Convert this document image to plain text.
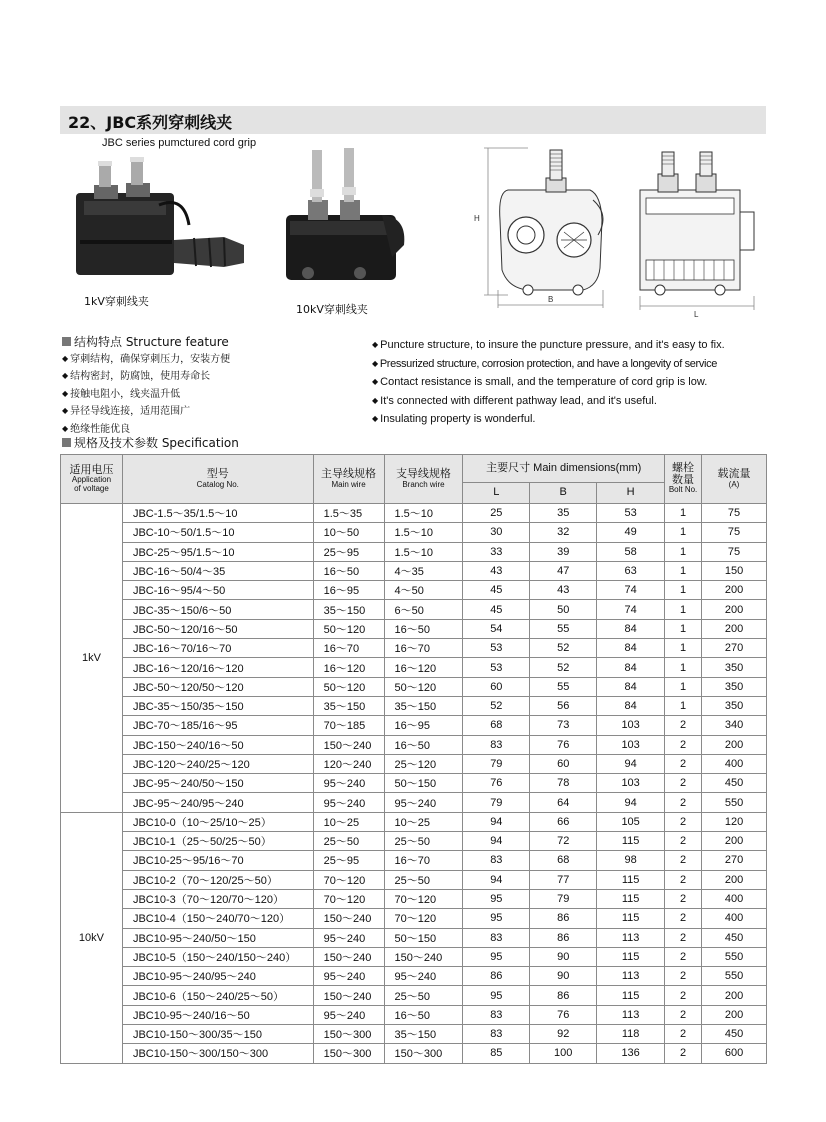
22、JBC系列穿刺线夹
JBC series pumctured cord grip
1kV穿刺线夹
10kV穿刺线夹
H
B
L
结构特点 Structure feature
◆ 穿刺结构，确保穿刺压力，安装方便
◆ 结构密封，防腐蚀，使用寿命长
◆ 接触电阻小，线夹温升低
◆ 异径导线连接，适用范围广
◆ 绝缘性能优良
◆ Puncture structure, to insure the puncture pressure, and it's easy to fix.
◆ Pressurized structure, corrosion protection, and have a longevity of service
◆ Contact resistance is small, and the temperature of cord grip is low.
◆ It's connected with different pathway lead, and it's useful.
◆ Insulating property is wonderful.
规格及技术参数 Specification
适用电压
Application
of voltage	型号
Catalog No.	主导线规格
Main wire	支导线规格
Branch wire	主要尺寸 Main dimensions(mm)			螺栓
数量
Bolt No.	载流量
(A)

				L	B	H		
1kV	JBC-1.5～35/1.5～10	1.5～35	1.5～10	25	35	53	1	75
	JBC-10～50/1.5～10	10～50	1.5～10	30	32	49	1	75
	JBC-25～95/1.5～10	25～95	1.5～10	33	39	58	1	75
	JBC-16～50/4～35	16～50	4～35	43	47	63	1	150
	JBC-16～95/4～50	16～95	4～50	45	43	74	1	200
	JBC-35～150/6～50	35～150	6～50	45	50	74	1	200
	JBC-50～120/16～50	50～120	16～50	54	55	84	1	200
	JBC-16～70/16～70	16～70	16～70	53	52	84	1	270
	JBC-16～120/16～120	16～120	16～120	53	52	84	1	350
	JBC-50～120/50～120	50～120	50～120	60	55	84	1	350
	JBC-35～150/35～150	35～150	35～150	52	56	84	1	350
	JBC-70～185/16～95	70～185	16～95	68	73	103	2	340
	JBC-150～240/16～50	150～240	16～50	83	76	103	2	200
	JBC-120～240/25～120	120～240	25～120	79	60	94	2	400
	JBC-95～240/50～150	95～240	50～150	76	78	103	2	450
	JBC-95～240/95～240	95～240	95～240	79	64	94	2	550
10kV	JBC10-0（10～25/10～25）	10～25	10～25	94	66	105	2	120
	JBC10-1（25～50/25～50）	25～50	25～50	94	72	115	2	200
	JBC10-25～95/16～70	25～95	16～70	83	68	98	2	270
	JBC10-2（70～120/25～50）	70～120	25～50	94	77	115	2	200
	JBC10-3（70～120/70～120）	70～120	70～120	95	79	115	2	400
	JBC10-4（150～240/70～120）	150～240	70～120	95	86	115	2	400
	JBC10-95～240/50～150	95～240	50～150	83	86	113	2	450
	JBC10-5（150～240/150～240）	150～240	150～240	95	90	115	2	550
	JBC10-95～240/95～240	95～240	95～240	86	90	113	2	550
	JBC10-6（150～240/25～50）	150～240	25～50	95	86	115	2	200
	JBC10-95～240/16～50	95～240	16～50	83	76	113	2	200
	JBC10-150～300/35～150	150～300	35～150	83	92	118	2	450
	JBC10-150～300/150～300	150～300	150～300	85	100	136	2	600
